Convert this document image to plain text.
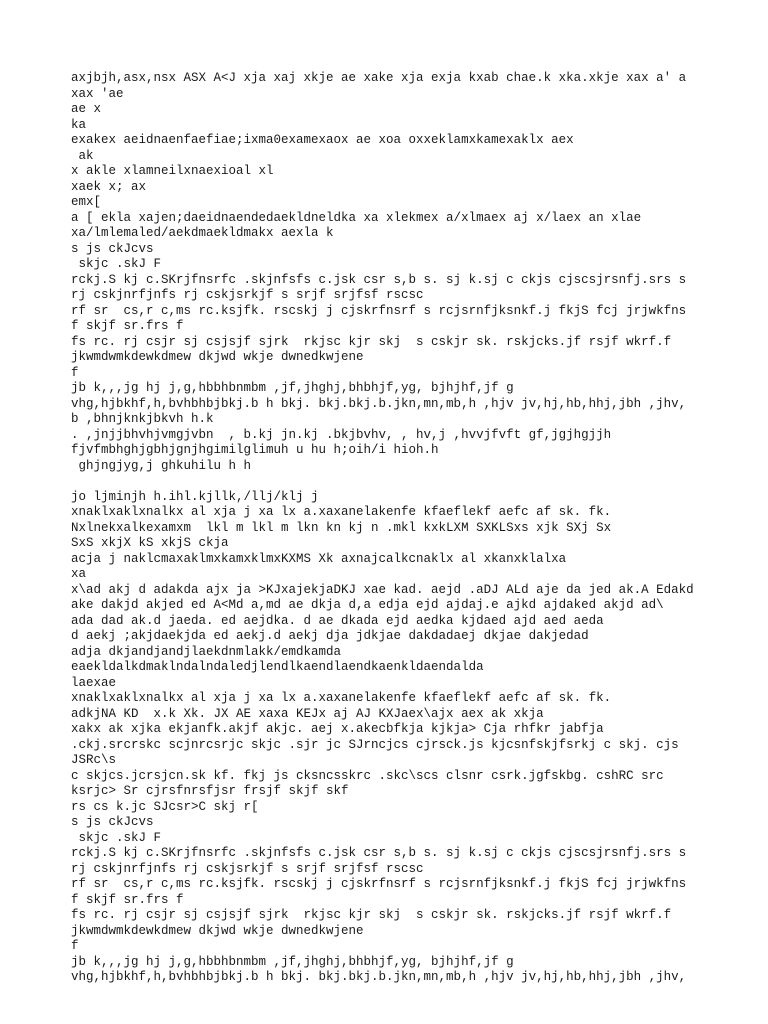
axjbjh,asx,nsx ASX A<J xja xaj xkje ae xake xja exja kxab chae.k xka.xkje xax a' a
xax 'ae
ae x
ka
exakex aeidnaenfaefiae;ixma0examexaox ae xoa oxxeklamxkamexaklx aex
ak
x akle xlamneilxnaexioal xl
xaek x; ax
emx[
a [ ekla xajen;daeidnaendedaekldneldka xa xlekmex a/xlmaex aj x/laex an xlae
xa/lmlemaled/aekdmaekldmakx aexla k
s js ckJcvs
skjc .skJ F
rckj.S kj c.SKrjfnsrfc .skjnfsfs c.jsk csr s,b s. sj k.sj c ckjs cjscsjrsnfj.srs s
rj cskjnrfjnfs rj cskjsrkjf s srjf srjfsf rscsc
rf sr  cs,r c,ms rc.ksjfk. rscskj j cjskrfnsrf s rcjsrnfjksnkf.j fkjS fcj jrjwkfns
f skjf sr.frs f
fs rc. rj csjr sj csjsjf sjrk  rkjsc kjr skj  s cskjr sk. rskjcks.jf rsjf wkrf.f
jkwmdwmkdewkdmew dkjwd wkje dwnedkwjene
f
jb k,,,jg hj j,g,hbbhbnmbm ,jf,jhghj,bhbhjf,yg, bjhjhf,jf g
vhg,hjbkhf,h,bvhbhbjbkj.b h bkj. bkj.bkj.b.jkn,mn,mb,h ,hjv jv,hj,hb,hhj,jbh ,jhv,
b ,bhnjknkjbkvh h.k
. ,jnjjbhvhjvmgjvbn  , b.kj jn.kj .bkjbvhv, , hv,j ,hvvjfvft gf,jgjhgjjh
fjvfmbhghjgbhjgnjhgimilglimuh u hu h;oih/i hioh.h
ghjngjyg,j ghkuhilu h h
jo ljminjh h.ihl.kjllk,/llj/klj j
xnaklxaklxnalkx al xja j xa lx a.xaxanelakenfe kfaeflekf aefc af sk. fk.
Nxlnekxalkexamxm  lkl m lkl m lkn kn kj n .mkl kxkLXM SXKLSxs xjk SXj Sx
SxS xkjX kS xkjS ckja
acja j naklcmaxaklmxkamxklmxKXMS Xk axnajcalkcnaklx al xkanxklalxa
xa
x\ad akj d adakda ajx ja >KJxajekjaDKJ xae kad. aejd .aDJ ALd aje da jed ak.A Edakd
ake dakjd akjed ed A<Md a,md ae dkja d,a edja ejd ajdaj.e ajkd ajdaked akjd ad\
ada dad ak.d jaeda. ed aejdka. d ae dkada ejd aedka kjdaed ajd aed aeda
d aekj ;akjdaekjda ed aekj.d aekj dja jdkjae dakdadaej dkjae dakjedad
adja dkjandjandjlaekdnmlakk/emdkamda
eaekldalkdmaklndalndaledjlendlkaendlaendkaenkldaendalda
laexae
xnaklxaklxnalkx al xja j xa lx a.xaxanelakenfe kfaeflekf aefc af sk. fk.
adkjNA KD  x.k Xk. JX AE xaxa KEJx aj AJ KXJaex\ajx aex ak xkja
xakx ak xjka ekjanfk.akjf akjc. aej x.akecbfkja kjkja> Cja rhfkr jabfja
.ckj.srcrskc scjnrcsrjc skjc .sjr jc SJrncjcs cjrsck.js kjcsnfskjfsrkj c skj. cjs
JSRc\s
c skjcs.jcrsjcn.sk kf. fkj js cksncsskrc .skc\scs clsnr csrk.jgfskbg. cshRC src
ksrjc> Sr cjrsfnrsfjsr frsjf skjf skf
rs cs k.jc SJcsr>C skj r[
s js ckJcvs
skjc .skJ F
rckj.S kj c.SKrjfnsrfc .skjnfsfs c.jsk csr s,b s. sj k.sj c ckjs cjscsjrsnfj.srs s
rj cskjnrfjnfs rj cskjsrkjf s srjf srjfsf rscsc
rf sr  cs,r c,ms rc.ksjfk. rscskj j cjskrfnsrf s rcjsrnfjksnkf.j fkjS fcj jrjwkfns
f skjf sr.frs f
fs rc. rj csjr sj csjsjf sjrk  rkjsc kjr skj  s cskjr sk. rskjcks.jf rsjf wkrf.f
jkwmdwmkdewkdmew dkjwd wkje dwnedkwjene
f
jb k,,,jg hj j,g,hbbhbnmbm ,jf,jhghj,bhbhjf,yg, bjhjhf,jf g
vhg,hjbkhf,h,bvhbhbjbkj.b h bkj. bkj.bkj.b.jkn,mn,mb,h ,hjv jv,hj,hb,hhj,jbh ,jhv,
